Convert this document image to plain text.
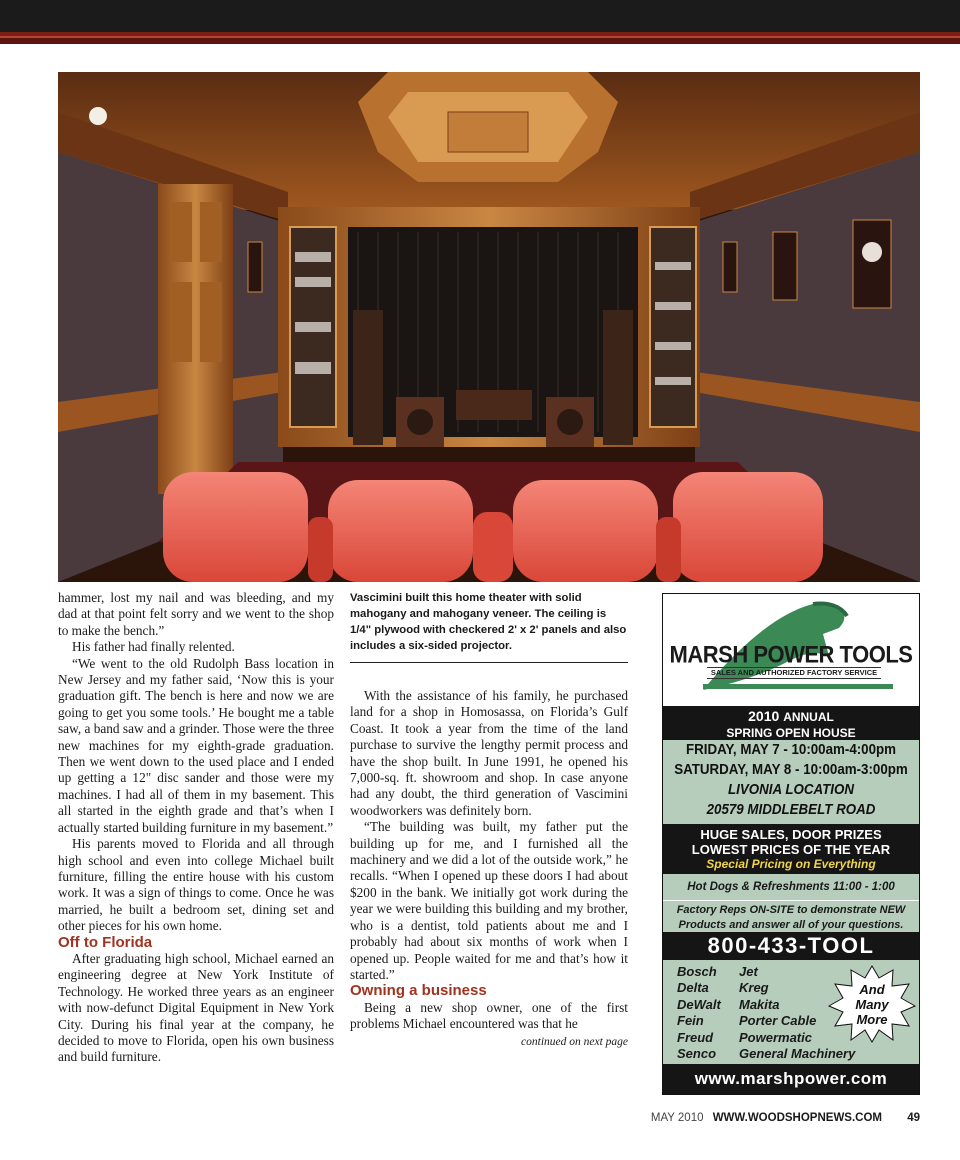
hammer, lost my nail and was bleeding, and my dad at that point felt sorry and we went to the shop to make the bench.”

His father had finally relented.

“We went to the old Rudolph Bass location in New Jersey and my father said, ‘Now this is your graduation gift. The bench is here and now we are going to get you some tools.’ He bought me a table saw, a band saw and a grinder. Those were the three new machines for my eighth-grade graduation. Then we went down to the used place and I ended up getting a 12" disc sander and those were my machines. I had all of them in my basement. This all started in the eighth grade and that’s when I actually started building furniture in my basement.”

His parents moved to Florida and all through high school and even into college Michael built furniture, filling the entire house with his custom work. It was a sign of things to come. Once he was married, he built a bedroom set, dining set and other pieces for his own home.

Off to Florida

After graduating high school, Michael earned an engineering degree at New York Institute of Technology. He worked three years as an engineer with now-defunct Digital Equipment in New York City. During his final year at the company, he decided to move to Florida, open his own business and build furniture.

Vascimini built this home theater with solid mahogany and mahogany veneer. The ceiling is 1/4" plywood with checkered 2' x 2' panels and also includes a six-sided projector.

With the assistance of his family, he purchased land for a shop in Homosassa, on Florida’s Gulf Coast. It took a year from the time of the land purchase to survive the lengthy permit process and have the shop built. In June 1991, he opened his 7,000-sq. ft. showroom and shop. In case anyone had any doubt, the third generation of Vascimini woodworkers was definitely born.

“The building was built, my father put the building up for me, and I furnished all the machinery and we did a lot of the outside work,” he recalls. “When I opened up these doors I had about $200 in the bank. We initially got work during the year we were building this building and my brother, who is a dentist, told patients about me and I probably had about six months of work when I opened up. People waited for me and that’s how it started.”

Owning a business

Being a new shop owner, one of the first problems Michael encountered was that he

continued on next page
MARSH POWER TOOLS
SALES AND AUTHORIZED FACTORY SERVICE
2010 ANNUAL
SPRING OPEN HOUSE
FRIDAY, MAY 7 - 10:00am-4:00pm
SATURDAY, MAY 8 - 10:00am-3:00pm
LIVONIA LOCATION
20579 MIDDLEBELT ROAD
HUGE SALES, DOOR PRIZES
LOWEST PRICES OF THE YEAR
Special Pricing on Everything
Hot Dogs & Refreshments 11:00 - 1:00
Factory Reps ON-SITE to demonstrate NEW
Products and answer all of your questions.
800-433-TOOL
Bosch
Delta
DeWalt
Fein
Freud
Senco
Jet
Kreg
Makita
Porter Cable
Powermatic
General Machinery
And
Many
More
www.marshpower.com
MAY 2010 WWW.WOODSHOPNEWS.COM 49
